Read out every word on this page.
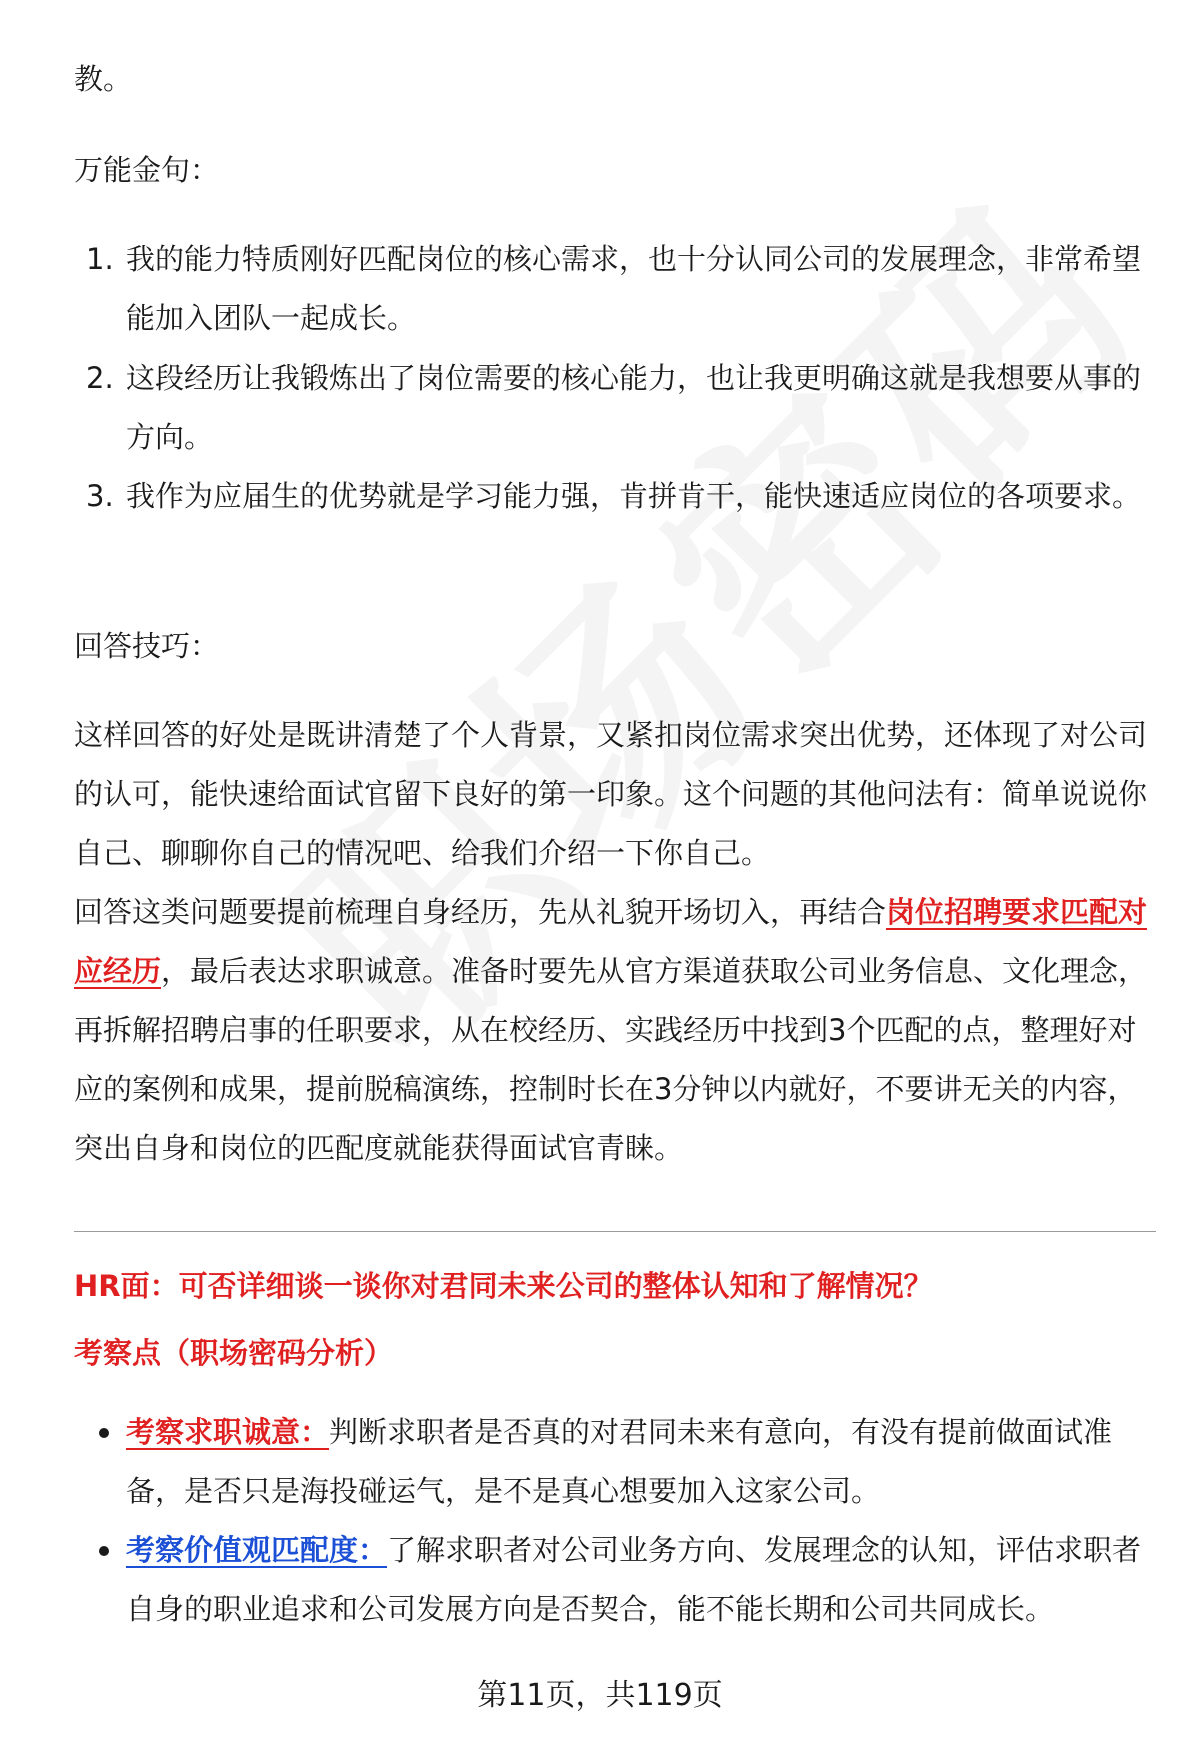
教。
万能金句：
1. 我的能力特质刚好匹配岗位的核心需求，也十分认同公司的发展理念，非常希望能加入团队一起成长。
2. 这段经历让我锻炼出了岗位需要的核心能力，也让我更明确这就是我想要从事的方向。
3. 我作为应届生的优势就是学习能力强，肯拼肯干，能快速适应岗位的各项要求。
回答技巧：
这样回答的好处是既讲清楚了个人背景，又紧扣岗位需求突出优势，还体现了对公司的认可，能快速给面试官留下良好的第一印象。这个问题的其他问法有：简单说说你自己、聊聊你自己的情况吧、给我们介绍一下你自己。

回答这类问题要提前梳理自身经历，先从礼貌开场切入，再结合岗位招聘要求匹配对应经历，最后表达求职诚意。准备时要先从官方渠道获取公司业务信息、文化理念，再拆解招聘启事的任职要求，从在校经历、实践经历中找到3个匹配的点，整理好对应的案例和成果，提前脱稿演练，控制时长在3分钟以内就好，不要讲无关的内容，突出自身和岗位的匹配度就能获得面试官青睐。

HR面：可否详细谈一谈你对君同未来公司的整体认知和了解情况？
考察点（职场密码分析）
考察求职诚意：判断求职者是否真的对君同未来有意向，有没有提前做面试准备，是否只是海投碰运气，是不是真心想要加入这家公司。
考察价值观匹配度：了解求职者对公司业务方向、发展理念的认知，评估求职者自身的职业追求和公司发展方向是否契合，能不能长期和公司共同成长。
第11页，共119页
